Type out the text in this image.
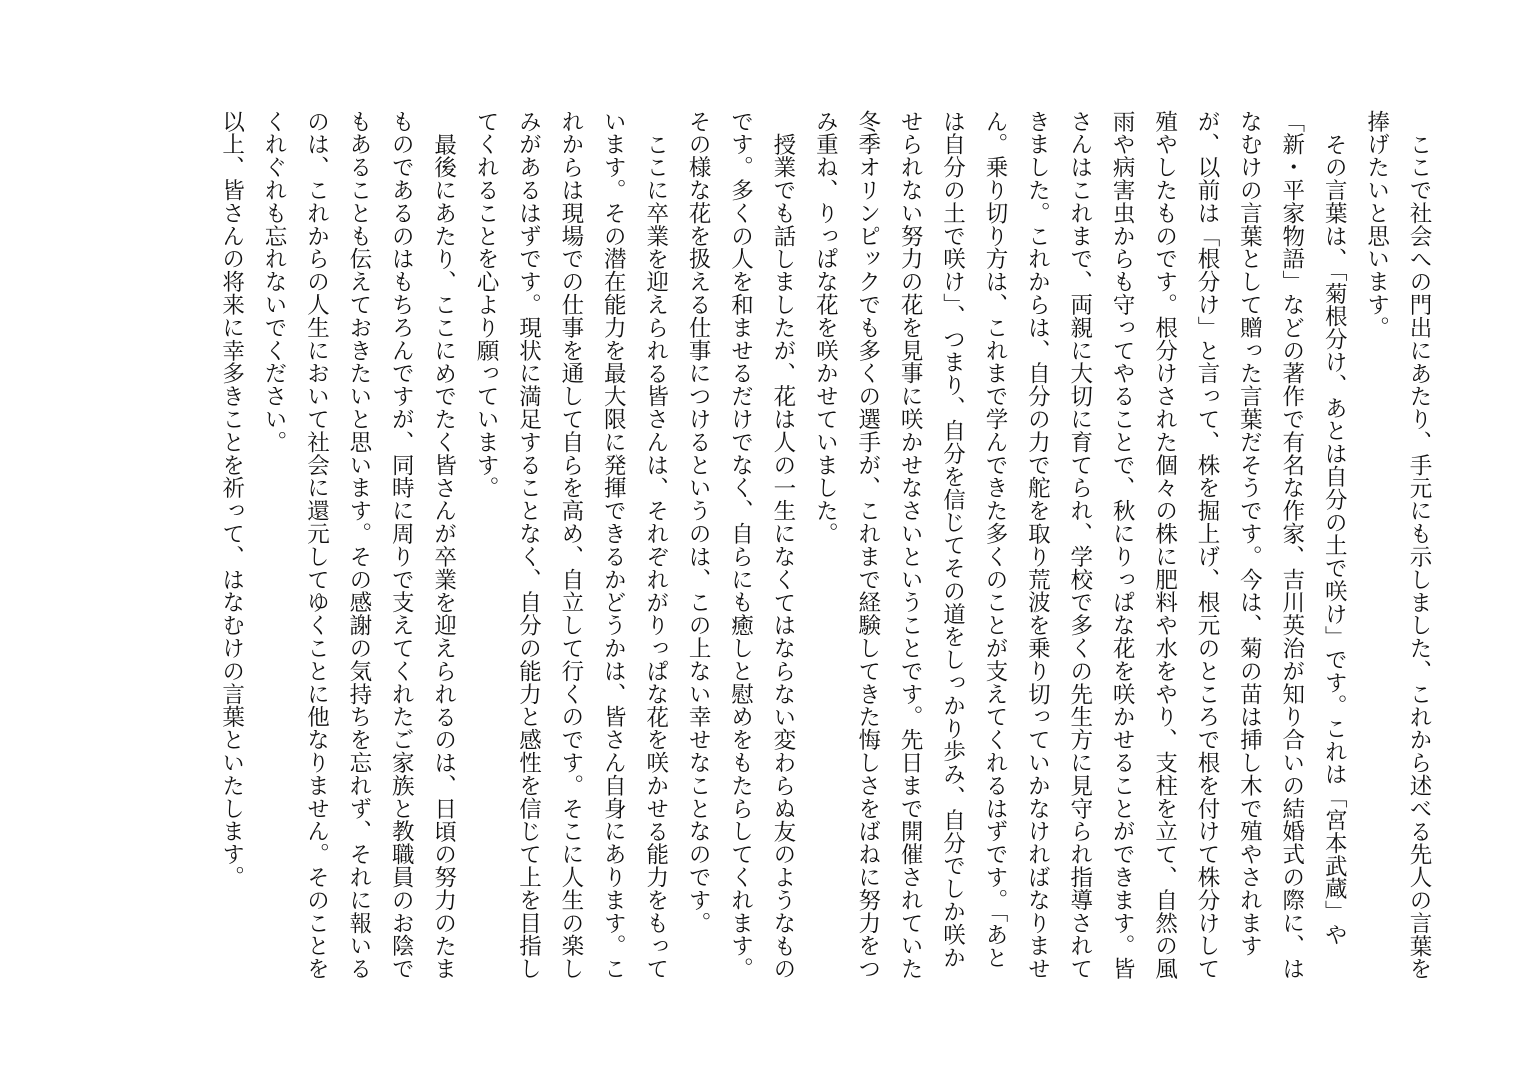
ここで社会への門出にあたり、手元にも示しました、これから述べる先人の言葉を捧げたいと思います。

その言葉は、「菊根分け、あとは自分の土で咲け」です。これは「宮本武蔵」や「新・平家物語」などの著作で有名な作家、吉川英治が知り合いの結婚式の際に、はなむけの言葉として贈った言葉だそうです。今は、菊の苗は挿し木で殖やされますが、以前は「根分け」と言って、株を掘上げ、根元のところで根を付けて株分けして殖やしたものです。根分けされた個々の株に肥料や水をやり、支柱を立て、自然の風雨や病害虫からも守ってやることで、秋にりっぱな花を咲かせることができます。皆さんはこれまで、両親に大切に育てられ、学校で多くの先生方に見守られ指導されてきました。これからは、自分の力で舵を取り荒波を乗り切っていかなければなりません。乗り切り方は、これまで学んできた多くのことが支えてくれるはずです。「あとは自分の土で咲け」、つまり、自分を信じてその道をしっかり歩み、自分でしか咲かせられない努力の花を見事に咲かせなさいということです。先日まで開催されていた冬季オリンピックでも多くの選手が、これまで経験してきた悔しさをばねに努力をつみ重ね、りっぱな花を咲かせていました。

授業でも話しましたが、花は人の一生になくてはならない変わらぬ友のようなものです。多くの人を和ませるだけでなく、自らにも癒しと慰めをもたらしてくれます。その様な花を扱える仕事につけるというのは、この上ない幸せなことなのです。

ここに卒業を迎えられる皆さんは、それぞれがりっぱな花を咲かせる能力をもっています。その潜在能力を最大限に発揮できるかどうかは、皆さん自身にあります。これからは現場での仕事を通して自らを高め、自立して行くのです。そこに人生の楽しみがあるはずです。現状に満足することなく、自分の能力と感性を信じて上を目指してくれることを心より願っています。

最後にあたり、ここにめでたく皆さんが卒業を迎えられるのは、日頃の努力のたまものであるのはもちろんですが、同時に周りで支えてくれたご家族と教職員のお陰でもあることも伝えておきたいと思います。その感謝の気持ちを忘れず、それに報いるのは、これからの人生において社会に還元してゆくことに他なりません。そのことをくれぐれも忘れないでください。

以上、皆さんの将来に幸多きことを祈って、はなむけの言葉といたします。
